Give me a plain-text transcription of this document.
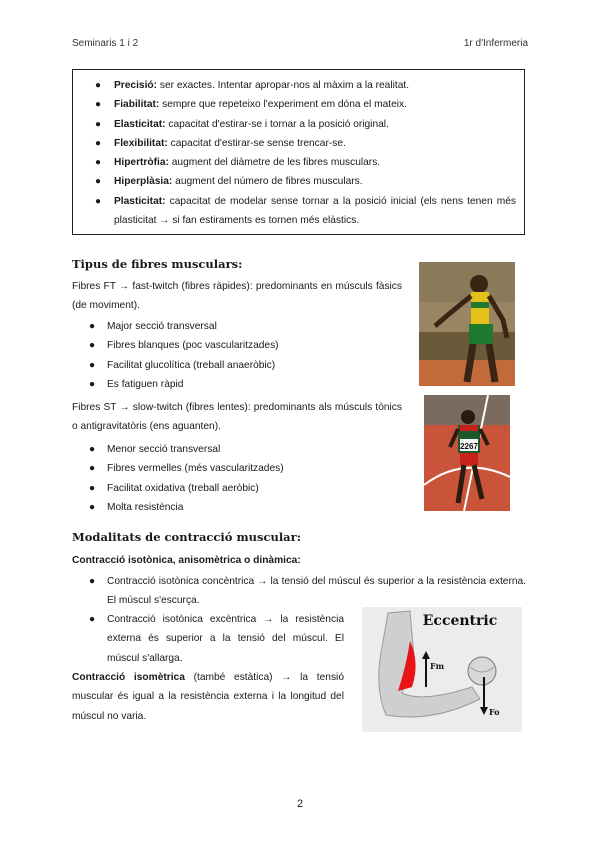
Seminaris 1 i 2	1r d'Infermeria
● Precisió: ser exactes. Intentar apropar-nos al màxim a la realitat.
● Fiabilitat: sempre que repeteixo l'experiment em dóna el mateix.
● Elasticitat: capacitat d'estirar-se i tornar a la posició original.
● Flexibilitat: capacitat d'estirar-se sense trencar-se.
● Hipertròfia: augment del diàmetre de les fibres musculars.
● Hiperplàsia: augment del número de fibres musculars.
● Plasticitat: capacitat de modelar sense tornar a la posició inicial (els nens tenen més plasticitat → si fan estiraments es tornen més elàstics.
Tipus de fibres musculars:
Fibres FT → fast-twitch (fibres ràpides): predominants en músculs fàsics (de moviment).
● Major secció transversal
● Fibres blanques (poc vascularitzades)
● Facilitat glucolítica (treball anaeròbic)
● Es fatiguen ràpid
Fibres ST → slow-twitch (fibres lentes): predominants als músculs tònics o antigravitatòris (ens aguanten).
● Menor secció transversal
● Fibres vermelles (més vascularitzades)
● Facilitat oxidativa (treball aeròbic)
● Molta resistència
2267
Modalitats de contracció muscular:
Contracció isotònica, anisomètrica o dinàmica:
● Contracció isotònica concèntrica → la tensió del múscul és superior a la resistència externa. El múscul s'escurça.
● Contracció isotònica excèntrica → la resistència externa és superior a la tensió del múscul. El múscul s'allarga.
Contracció isomètrica (també estàtica) → la tensió muscular és igual a la resistència externa i la longitud del múscul no varia.
Eccentric
Fm
Fo
2
